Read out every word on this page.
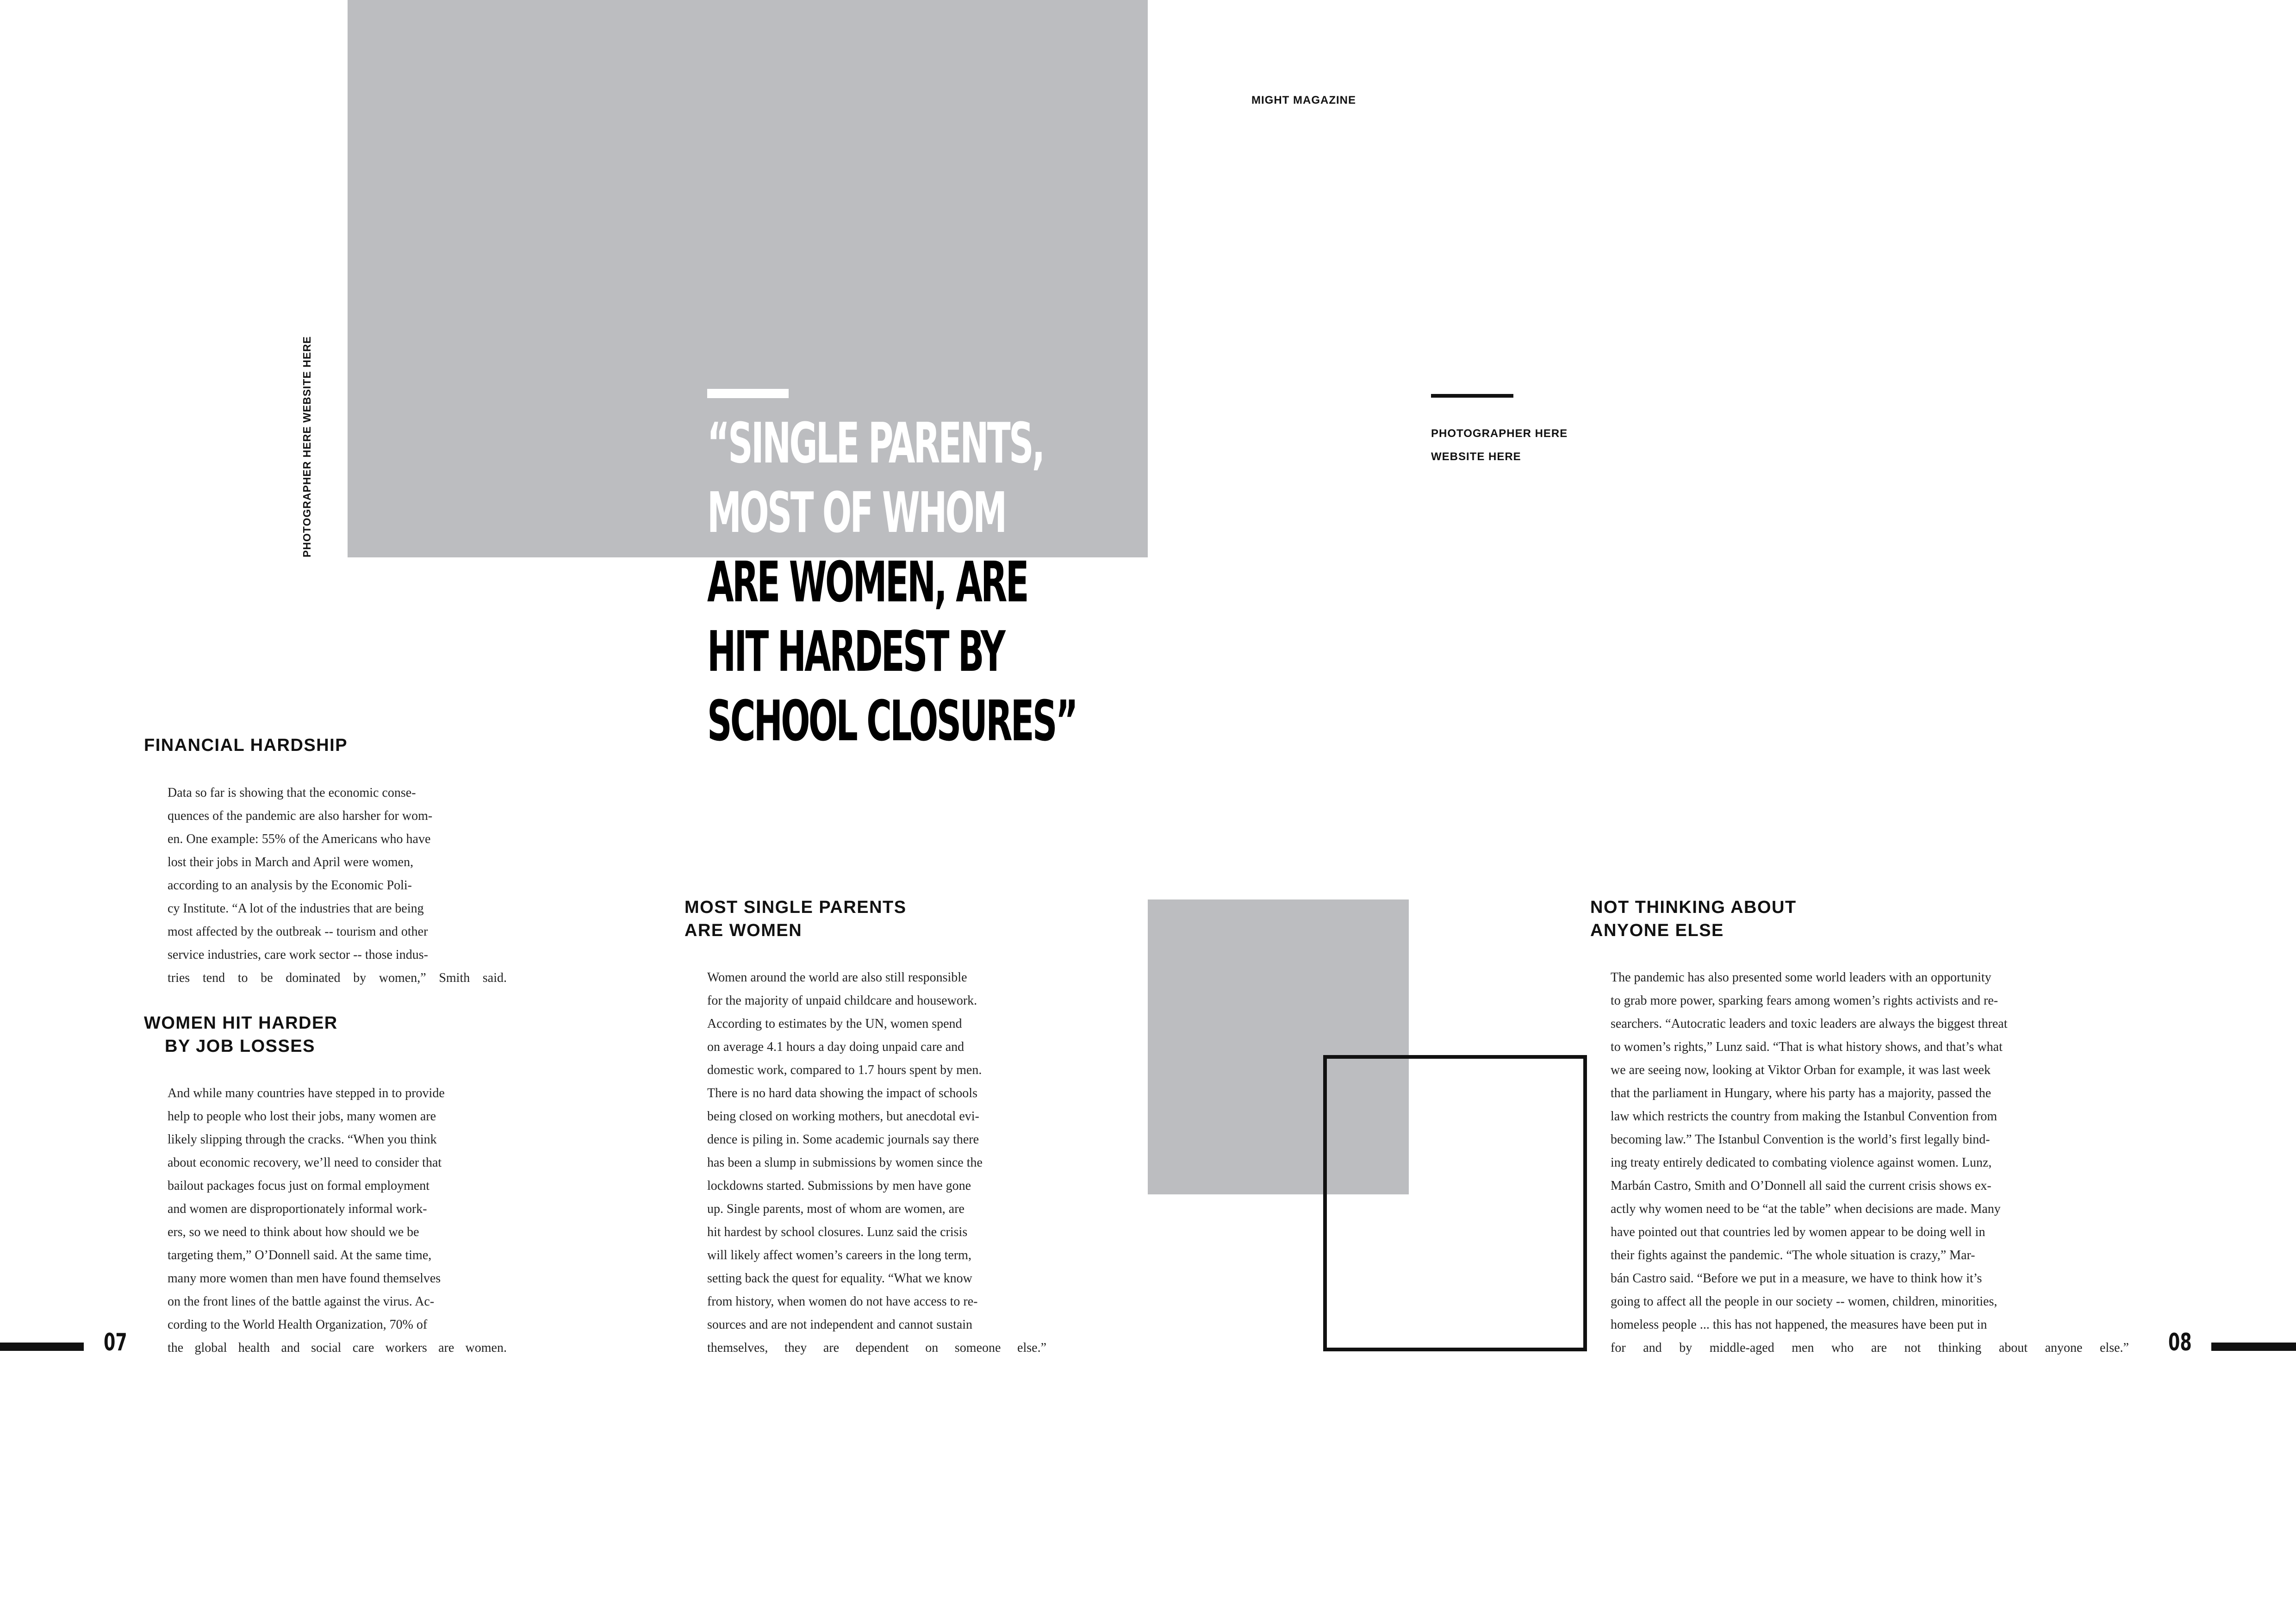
PHOTOGRAPHER HERE WEBSITE HERE
MIGHT MAGAZINE
PHOTOGRAPHER HERE
WEBSITE HERE
“SINGLE PARENTS,
MOST OF WHOM
ARE WOMEN, ARE
HIT HARDEST BY
SCHOOL CLOSURES”
FINANCIAL HARDSHIP
Data so far is showing that the economic conse-
quences of the pandemic are also harsher for wom-
en. One example: 55% of the Americans who have
lost their jobs in March and April were women,
according to an analysis by the Economic Poli-
cy Institute. “A lot of the industries that are being
most affected by the outbreak -- tourism and other
service industries, care work sector -- those indus-
tries tend to be dominated by women,” Smith said.
WOMEN HIT HARDER
BY JOB LOSSES
And while many countries have stepped in to provide
help to people who lost their jobs, many women are
likely slipping through the cracks. “When you think
about economic recovery, we’ll need to consider that
bailout packages focus just on formal employment
and women are disproportionately informal work-
ers, so we need to think about how should we be
targeting them,” O’Donnell said. At the same time,
many more women than men have found themselves
on the front lines of the battle against the virus. Ac-
cording to the World Health Organization, 70% of
the global health and social care workers are women.
MOST SINGLE PARENTS
ARE WOMEN
Women around the world are also still responsible
for the majority of unpaid childcare and housework.
According to estimates by the UN, women spend
on average 4.1 hours a day doing unpaid care and
domestic work, compared to 1.7 hours spent by men.
There is no hard data showing the impact of schools
being closed on working mothers, but anecdotal evi-
dence is piling in. Some academic journals say there
has been a slump in submissions by women since the
lockdowns started. Submissions by men have gone
up. Single parents, most of whom are women, are
hit hardest by school closures. Lunz said the crisis
will likely affect women’s careers in the long term,
setting back the quest for equality. “What we know
from history, when women do not have access to re-
sources and are not independent and cannot sustain
themselves, they are dependent on someone else.”
NOT THINKING ABOUT
ANYONE ELSE
The pandemic has also presented some world leaders with an opportunity
to grab more power, sparking fears among women’s rights activists and re-
searchers. “Autocratic leaders and toxic leaders are always the biggest threat
to women’s rights,” Lunz said. “That is what history shows, and that’s what
we are seeing now, looking at Viktor Orban for example, it was last week
that the parliament in Hungary, where his party has a majority, passed the
law which restricts the country from making the Istanbul Convention from
becoming law.” The Istanbul Convention is the world’s first legally bind-
ing treaty entirely dedicated to combating violence against women. Lunz,
Marbán Castro, Smith and O’Donnell all said the current crisis shows ex-
actly why women need to be “at the table” when decisions are made. Many
have pointed out that countries led by women appear to be doing well in
their fights against the pandemic. “The whole situation is crazy,” Mar-
bán Castro said. “Before we put in a measure, we have to think how it’s
going to affect all the people in our society -- women, children, minorities,
homeless people ... this has not happened, the measures have been put in
for and by middle-aged men who are not thinking about anyone else.”
07	08
